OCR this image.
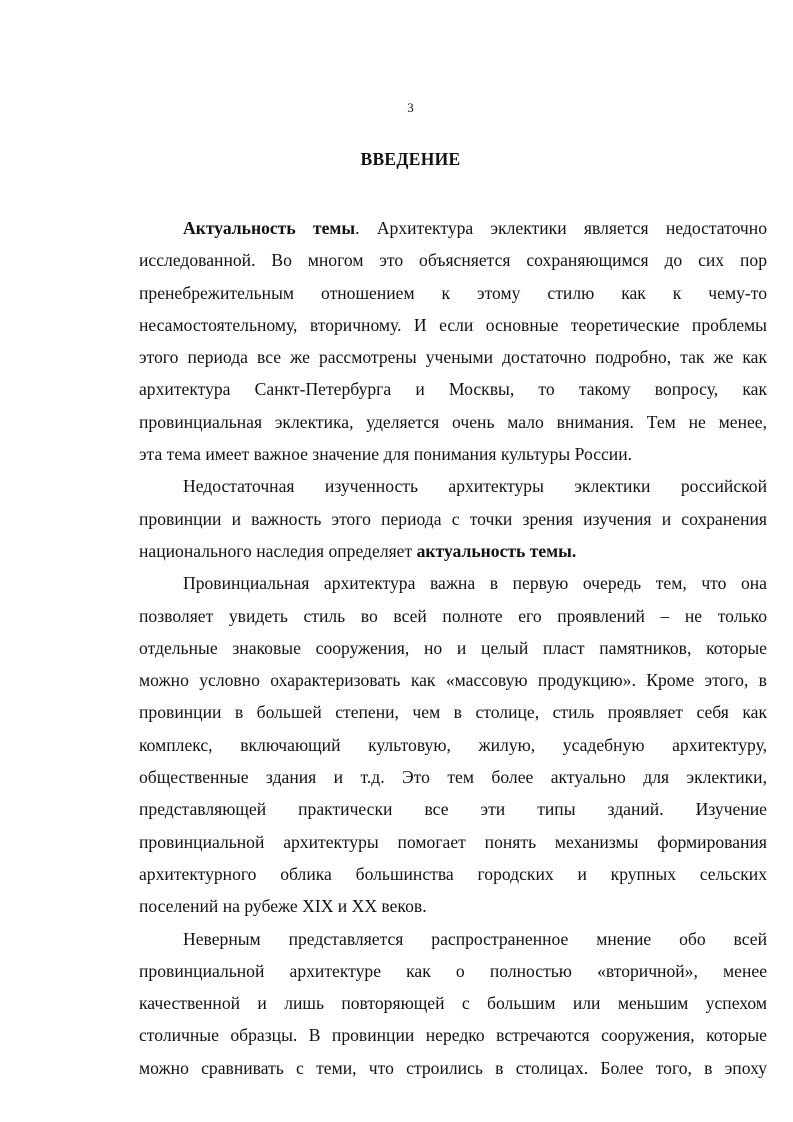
3
ВВЕДЕНИЕ
Актуальность темы. Архитектура эклектики является недостаточно
исследованной. Во многом это объясняется сохраняющимся до сих пор
пренебрежительным отношением к этому стилю как к чему-то
несамостоятельному, вторичному. И если основные теоретические проблемы
этого периода все же рассмотрены учеными достаточно подробно, так же как
архитектура Санкт-Петербурга и Москвы, то такому вопросу, как
провинциальная эклектика, уделяется очень мало внимания. Тем не менее,
эта тема имеет важное значение для понимания культуры России.
Недостаточная изученность архитектуры эклектики российской
провинции и важность этого периода с точки зрения изучения и сохранения
национального наследия определяет актуальность темы.
Провинциальная архитектура важна в первую очередь тем, что она
позволяет увидеть стиль во всей полноте его проявлений – не только
отдельные знаковые сооружения, но и целый пласт памятников, которые
можно условно охарактеризовать как «массовую продукцию». Кроме этого, в
провинции в большей степени, чем в столице, стиль проявляет себя как
комплекс, включающий культовую, жилую, усадебную архитектуру,
общественные здания и т.д. Это тем более актуально для эклектики,
представляющей практически все эти типы зданий. Изучение
провинциальной архитектуры помогает понять механизмы формирования
архитектурного облика большинства городских и крупных сельских
поселений на рубеже XIX и XX веков.
Неверным представляется распространенное мнение обо всей
провинциальной архитектуре как о полностью «вторичной», менее
качественной и лишь повторяющей с большим или меньшим успехом
столичные образцы. В провинции нередко встречаются сооружения, которые
можно сравнивать с теми, что строились в столицах. Более того, в эпоху
